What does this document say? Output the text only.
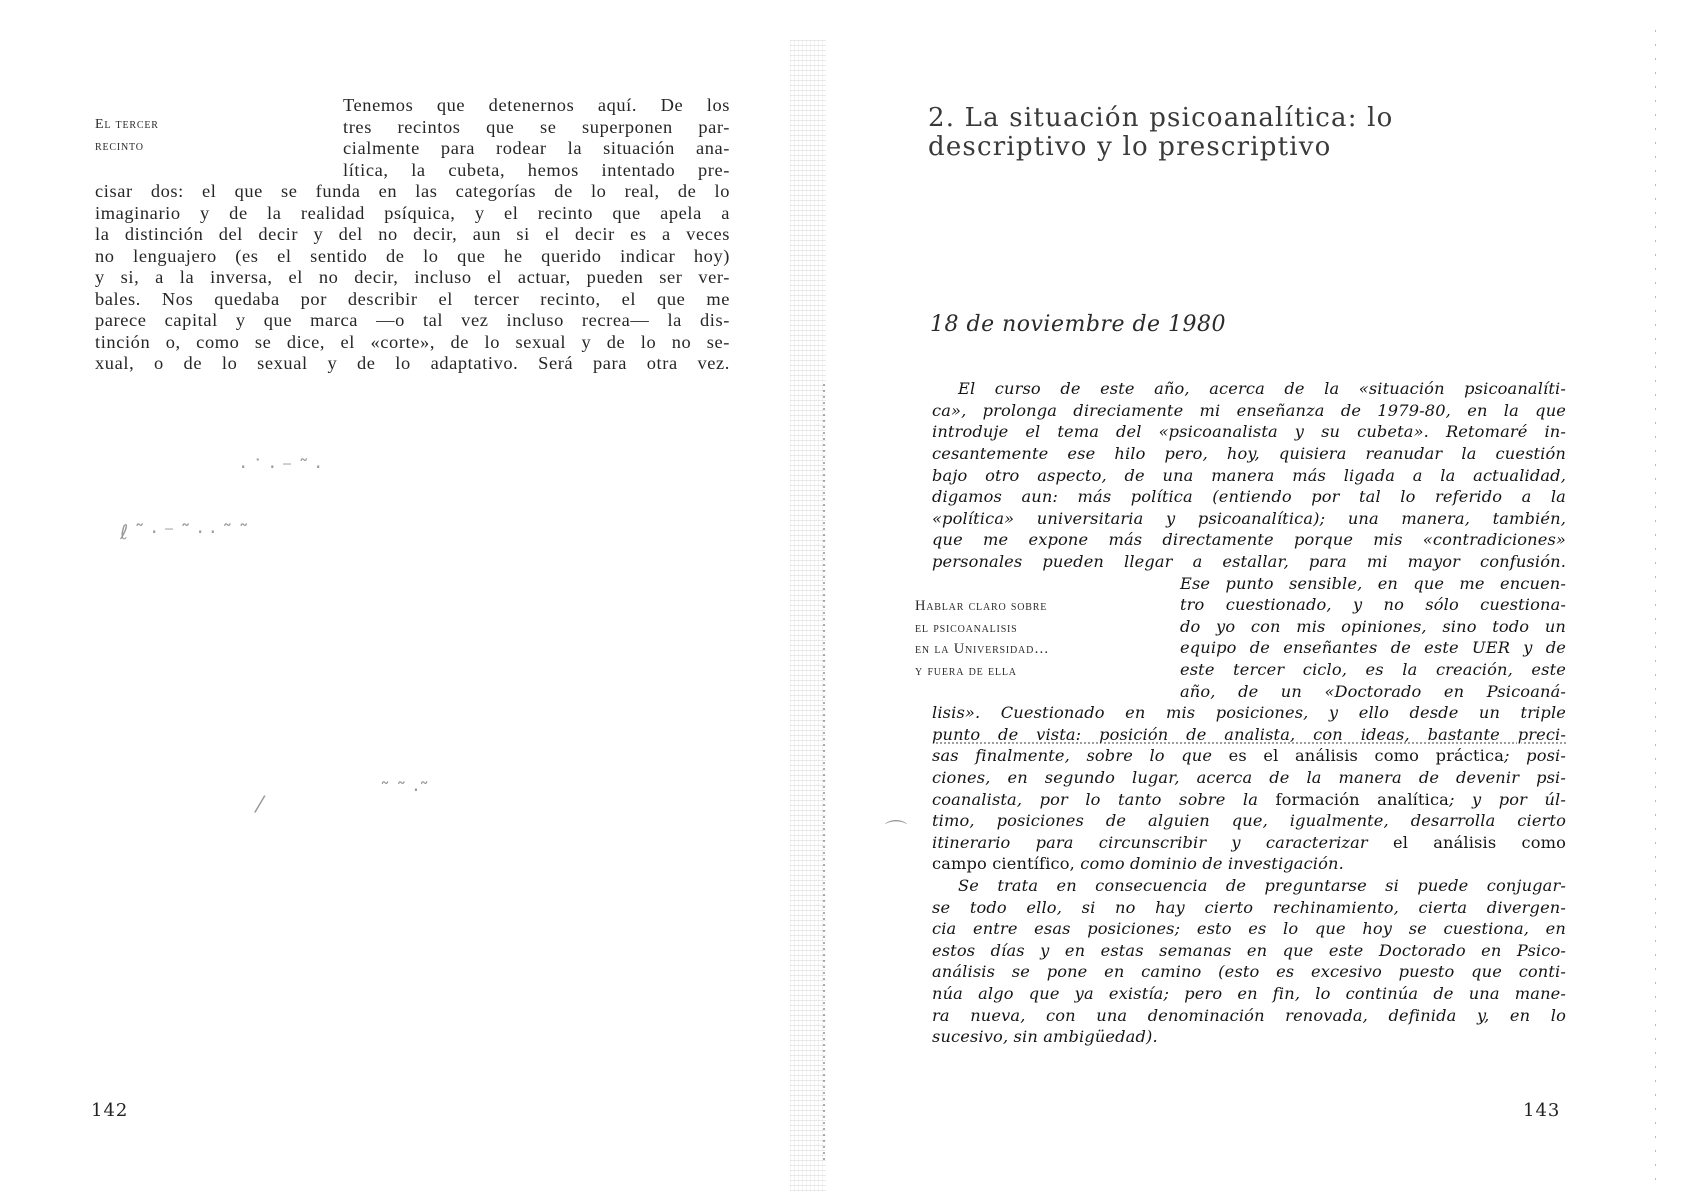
· ˙ · ⁻ ˜ ·
ℓ ˜ · ⁻ ˜ · · ˜ ˜
˜ ˜ ·˜
⁄
⌒
El tercer
recinto
Tenemos que detenernos aquí. De los
tres recintos que se superponen par-
cialmente para rodear la situación ana-
lítica, la cubeta, hemos intentado pre-
cisar dos: el que se funda en las categorías de lo real, de lo
imaginario y de la realidad psíquica, y el recinto que apela a
la distinción del decir y del no decir, aun si el decir es a veces
no lenguajero (es el sentido de lo que he querido indicar hoy)
y si, a la inversa, el no decir, incluso el actuar, pueden ser ver-
bales. Nos quedaba por describir el tercer recinto, el que me
parece capital y que marca —o tal vez incluso recrea— la dis-
tinción o, como se dice, el «corte», de lo sexual y de lo no se-
xual, o de lo sexual y de lo adaptativo. Será para otra vez.
142
2. La situación psicoanalítica: lo
descriptivo y lo prescriptivo
18 de noviembre de 1980
El curso de este año, acerca de la «situación psicoanalíti-
ca», prolonga direciamente mi enseñanza de 1979-80, en la que
introduje el tema del «psicoanalista y su cubeta». Retomaré in-
cesantemente ese hilo pero, hoy, quisiera reanudar la cuestión
bajo otro aspecto, de una manera más ligada a la actualidad,
digamos aun: más política (entiendo por tal lo referido a la
«política» universitaria y psicoanalítica); una manera, también,
que me expone más directamente porque mis «contradiciones»
personales pueden llegar a estallar, para mi mayor confusión.
Ese punto sensible, en que me encuen-
tro cuestionado, y no sólo cuestiona-
do yo con mis opiniones, sino todo un
equipo de enseñantes de este UER y de
este tercer ciclo, es la creación, este
año, de un «Doctorado en Psicoaná-
lisis». Cuestionado en mis posiciones, y ello desde un triple
punto de vista: posición de analista, con ideas, bastante preci-
sas finalmente, sobre lo que es el análisis como práctica; posi-
ciones, en segundo lugar, acerca de la manera de devenir psi-
coanalista, por lo tanto sobre la formación analítica; y por úl-
timo, posiciones de alguien que, igualmente, desarrolla cierto
itinerario para circunscribir y caracterizar el análisis como
campo científico, como dominio de investigación.
Se trata en consecuencia de preguntarse si puede conjugar-
se todo ello, si no hay cierto rechinamiento, cierta divergen-
cia entre esas posiciones; esto es lo que hoy se cuestiona, en
estos días y en estas semanas en que este Doctorado en Psico-
análisis se pone en camino (esto es excesivo puesto que conti-
núa algo que ya existía; pero en fin, lo continúa de una mane-
ra nueva, con una denominación renovada, definida y, en lo
sucesivo, sin ambigüedad).
Hablar claro sobre
el psicoanalisis
en la Universidad…
y fuera de ella
143
